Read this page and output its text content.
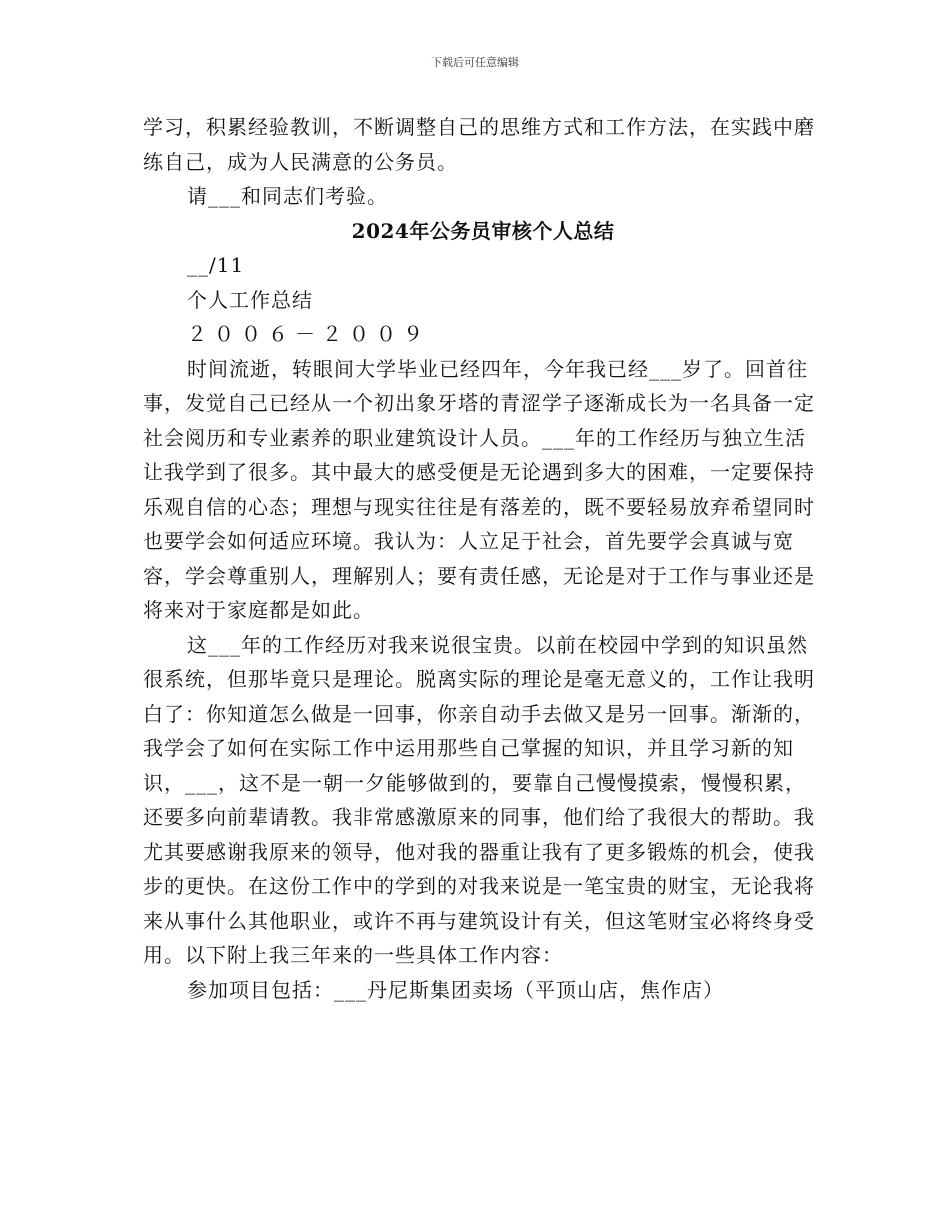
下载后可任意编辑

学习，积累经验教训，不断调整自己的思维方式和工作方法，在实践中磨练自己，成为人民满意的公务员。

请___和同志们考验。

2024年公务员审核个人总结

__/11

个人工作总结

２００６－２００９

时间流逝，转眼间大学毕业已经四年，今年我已经___岁了。回首往事，发觉自己已经从一个初出象牙塔的青涩学子逐渐成长为一名具备一定社会阅历和专业素养的职业建筑设计人员。___年的工作经历与独立生活让我学到了很多。其中最大的感受便是无论遇到多大的困难，一定要保持乐观自信的心态；理想与现实往往是有落差的，既不要轻易放弃希望同时也要学会如何适应环境。我认为：人立足于社会，首先要学会真诚与宽容，学会尊重别人，理解别人；要有责任感，无论是对于工作与事业还是将来对于家庭都是如此。

这___年的工作经历对我来说很宝贵。以前在校园中学到的知识虽然很系统，但那毕竟只是理论。脱离实际的理论是毫无意义的，工作让我明白了：你知道怎么做是一回事，你亲自动手去做又是另一回事。渐渐的，我学会了如何在实际工作中运用那些自己掌握的知识，并且学习新的知识，___，这不是一朝一夕能够做到的，要靠自己慢慢摸索，慢慢积累，还要多向前辈请教。我非常感激原来的同事，他们给了我很大的帮助。我尤其要感谢我原来的领导，他对我的器重让我有了更多锻炼的机会，使我步的更快。在这份工作中的学到的对我来说是一笔宝贵的财宝，无论我将来从事什么其他职业，或许不再与建筑设计有关，但这笔财宝必将终身受用。以下附上我三年来的一些具体工作内容：

参加项目包括：___丹尼斯集团卖场（平顶山店，焦作店）
